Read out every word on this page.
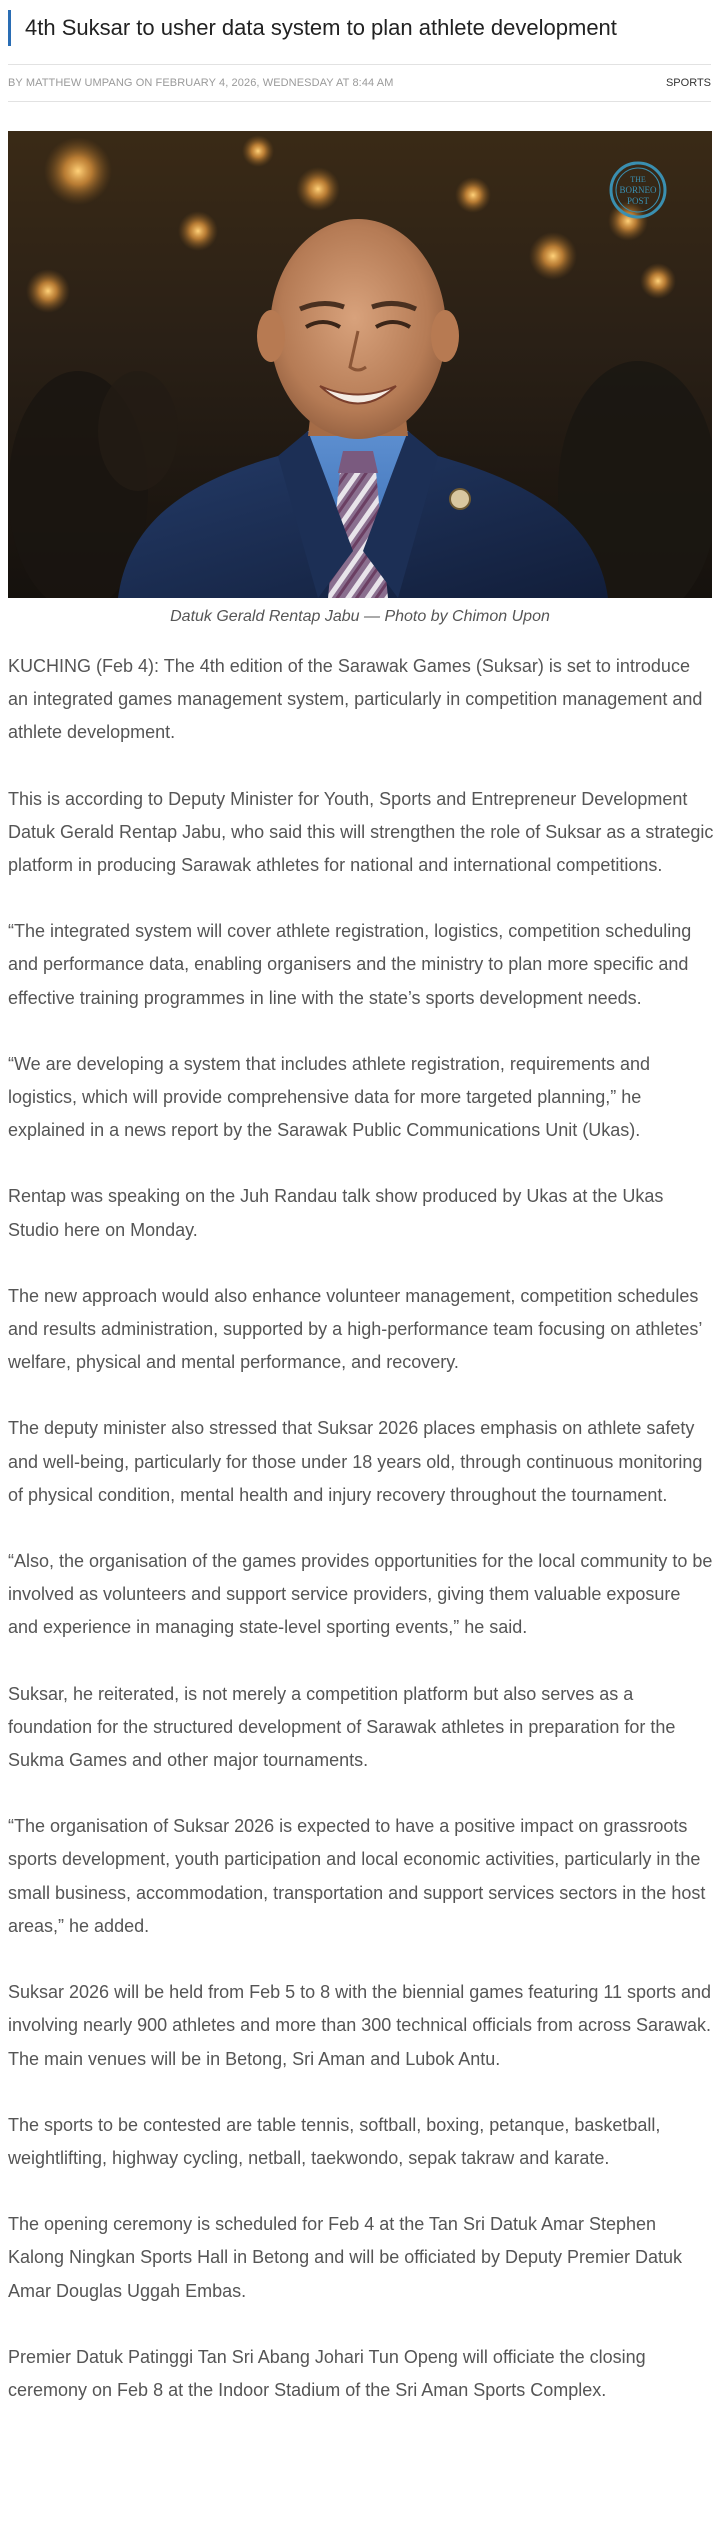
4th Suksar to usher data system to plan athlete development
BY MATTHEW UMPANG ON FEBRUARY 4, 2026, WEDNESDAY AT 8:44 AM	SPORTS
THE
BORNEO
POST
Datuk Gerald Rentap Jabu — Photo by Chimon Upon

KUCHING (Feb 4): The 4th edition of the Sarawak Games (Suksar) is set to introduce an integrated games management system, particularly in competition management and athlete development.

This is according to Deputy Minister for Youth, Sports and Entrepreneur Development Datuk Gerald Rentap Jabu, who said this will strengthen the role of Suksar as a strategic platform in producing Sarawak athletes for national and international competitions.

“The integrated system will cover athlete registration, logistics, competition scheduling and performance data, enabling organisers and the ministry to plan more specific and effective training programmes in line with the state’s sports development needs.

“We are developing a system that includes athlete registration, requirements and logistics, which will provide comprehensive data for more targeted planning,” he explained in a news report by the Sarawak Public Communications Unit (Ukas).

Rentap was speaking on the Juh Randau talk show produced by Ukas at the Ukas Studio here on Monday.

The new approach would also enhance volunteer management, competition schedules and results administration, supported by a high-performance team focusing on athletes’ welfare, physical and mental performance, and recovery.

The deputy minister also stressed that Suksar 2026 places emphasis on athlete safety and well-being, particularly for those under 18 years old, through continuous monitoring of physical condition, mental health and injury recovery throughout the tournament.

“Also, the organisation of the games provides opportunities for the local community to be involved as volunteers and support service providers, giving them valuable exposure and experience in managing state-level sporting events,” he said.

Suksar, he reiterated, is not merely a competition platform but also serves as a foundation for the structured development of Sarawak athletes in preparation for the Sukma Games and other major tournaments.

“The organisation of Suksar 2026 is expected to have a positive impact on grassroots sports development, youth participation and local economic activities, particularly in the small business, accommodation, transportation and support services sectors in the host areas,” he added.

Suksar 2026 will be held from Feb 5 to 8 with the biennial games featuring 11 sports and involving nearly 900 athletes and more than 300 technical officials from across Sarawak. The main venues will be in Betong, Sri Aman and Lubok Antu.

The sports to be contested are table tennis, softball, boxing, petanque, basketball, weightlifting, highway cycling, netball, taekwondo, sepak takraw and karate.

The opening ceremony is scheduled for Feb 4 at the Tan Sri Datuk Amar Stephen Kalong Ningkan Sports Hall in Betong and will be officiated by Deputy Premier Datuk Amar Douglas Uggah Embas.

Premier Datuk Patinggi Tan Sri Abang Johari Tun Openg will officiate the closing ceremony on Feb 8 at the Indoor Stadium of the Sri Aman Sports Complex.
